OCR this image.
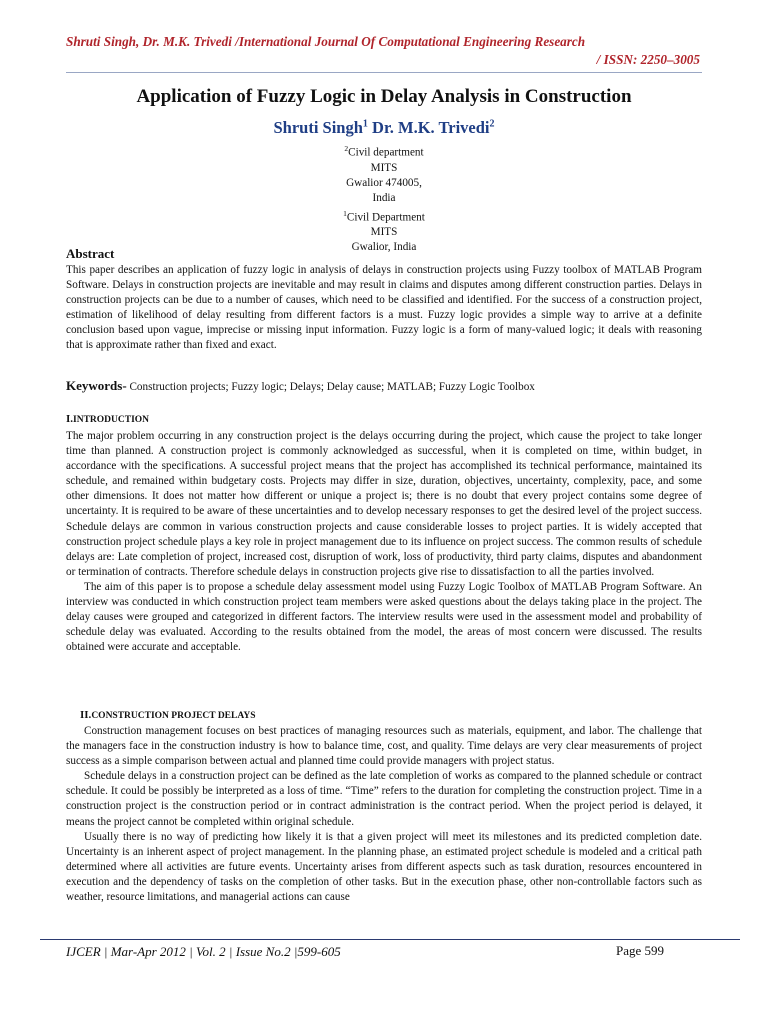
Shruti Singh, Dr. M.K. Trivedi /International Journal Of Computational Engineering Research
/ ISSN: 2250–3005
Application of Fuzzy Logic in Delay Analysis in Construction
Shruti Singh$^1$ Dr. M.K. Trivedi$^2$
$^2$Civil department
MITS
Gwalior 474005,
India
$^1$Civil Department
MITS
Gwalior, India
Abstract

This paper describes an application of fuzzy logic in analysis of delays in construction projects using Fuzzy toolbox of MATLAB Program Software. Delays in construction projects are inevitable and may result in claims and disputes among different construction parties. Delays in construction projects can be due to a number of causes, which need to be classified and identified. For the success of a construction project, estimation of likelihood of delay resulting from different factors is a must. Fuzzy logic provides a simple way to arrive at a definite conclusion based upon vague, imprecise or missing input information. Fuzzy logic is a form of many-valued logic; it deals with reasoning that is approximate rather than fixed and exact.

Keywords- Construction projects; Fuzzy logic; Delays; Delay cause; MATLAB; Fuzzy Logic Toolbox
I.INTRODUCTION

The major problem occurring in any construction project is the delays occurring during the project, which cause the project to take longer time than planned. A construction project is commonly acknowledged as successful, when it is completed on time, within budget, in accordance with the specifications. A successful project means that the project has accomplished its technical performance, maintained its schedule, and remained within budgetary costs. Projects may differ in size, duration, objectives, uncertainty, complexity, pace, and some other dimensions. It does not matter how different or unique a project is; there is no doubt that every project contains some degree of uncertainty. It is required to be aware of these uncertainties and to develop necessary responses to get the desired level of the project success. Schedule delays are common in various construction projects and cause considerable losses to project parties. It is widely accepted that construction project schedule plays a key role in project management due to its influence on project success. The common results of schedule delays are: Late completion of project, increased cost, disruption of work, loss of productivity, third party claims, disputes and abandonment or termination of contracts. Therefore schedule delays in construction projects give rise to dissatisfaction to all the parties involved.

The aim of this paper is to propose a schedule delay assessment model using Fuzzy Logic Toolbox of MATLAB Program Software. An interview was conducted in which construction project team members were asked questions about the delays taking place in the project. The delay causes were grouped and categorized in different factors. The interview results were used in the assessment model and probability of schedule delay was evaluated. According to the results obtained from the model, the areas of most concern were discussed. The results obtained were accurate and acceptable.

II.CONSTRUCTION PROJECT DELAYS

Construction management focuses on best practices of managing resources such as materials, equipment, and labor. The challenge that the managers face in the construction industry is how to balance time, cost, and quality. Time delays are very clear measurements of project success as a simple comparison between actual and planned time could provide managers with project status.

Schedule delays in a construction project can be defined as the late completion of works as compared to the planned schedule or contract schedule. It could be possibly be interpreted as a loss of time. “Time” refers to the duration for completing the construction project. Time in a construction project is the construction period or in contract administration is the contract period. When the project period is delayed, it means the project cannot be completed within original schedule.

Usually there is no way of predicting how likely it is that a given project will meet its milestones and its predicted completion date. Uncertainty is an inherent aspect of project management. In the planning phase, an estimated project schedule is modeled and a critical path determined where all activities are future events. Uncertainty arises from different aspects such as task duration, resources encountered in execution and the dependency of tasks on the completion of other tasks. But in the execution phase, other non-controllable factors such as weather, resource limitations, and managerial actions can cause

IJCER | Mar-Apr 2012 | Vol. 2 | Issue No.2 |599-605	Page 599
